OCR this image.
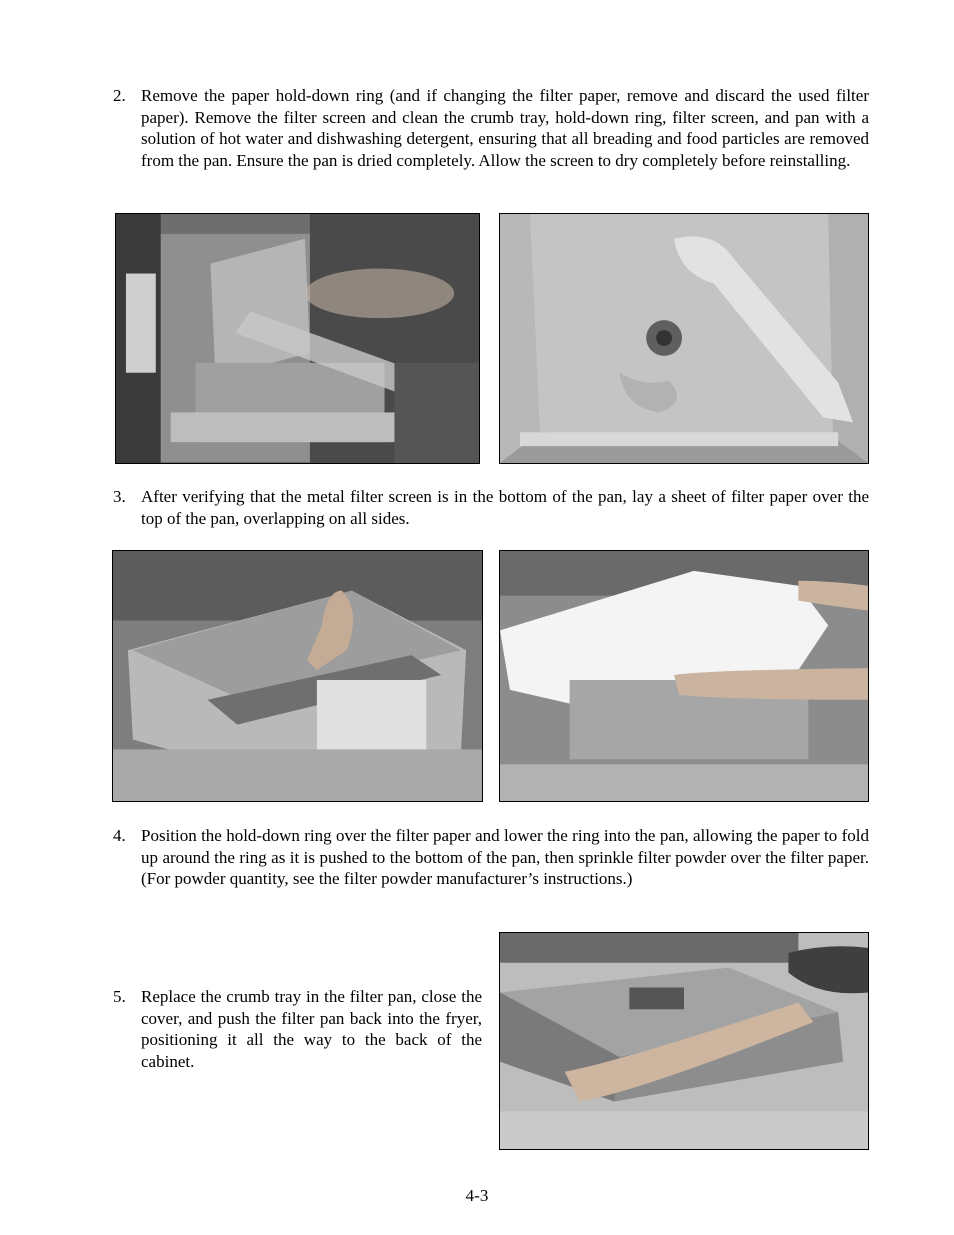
2. Remove the paper hold-down ring (and if changing the filter paper, remove and discard the used filter paper). Remove the filter screen and clean the crumb tray, hold-down ring, filter screen, and pan with a solution of hot water and dishwashing detergent, ensuring that all breading and food particles are removed from the pan. Ensure the pan is dried completely. Allow the screen to dry completely before reinstalling.
3. After verifying that the metal filter screen is in the bottom of the pan, lay a sheet of filter paper over the top of the pan, overlapping on all sides.
4. Position the hold-down ring over the filter paper and lower the ring into the pan, allowing the paper to fold up around the ring as it is pushed to the bottom of the pan, then sprinkle filter powder over the filter paper. (For powder quantity, see the filter powder manufacturer’s instructions.)
5. Replace the crumb tray in the filter pan, close the cover, and push the filter pan back into the fryer, positioning it all the way to the back of the cabinet.
4-3
